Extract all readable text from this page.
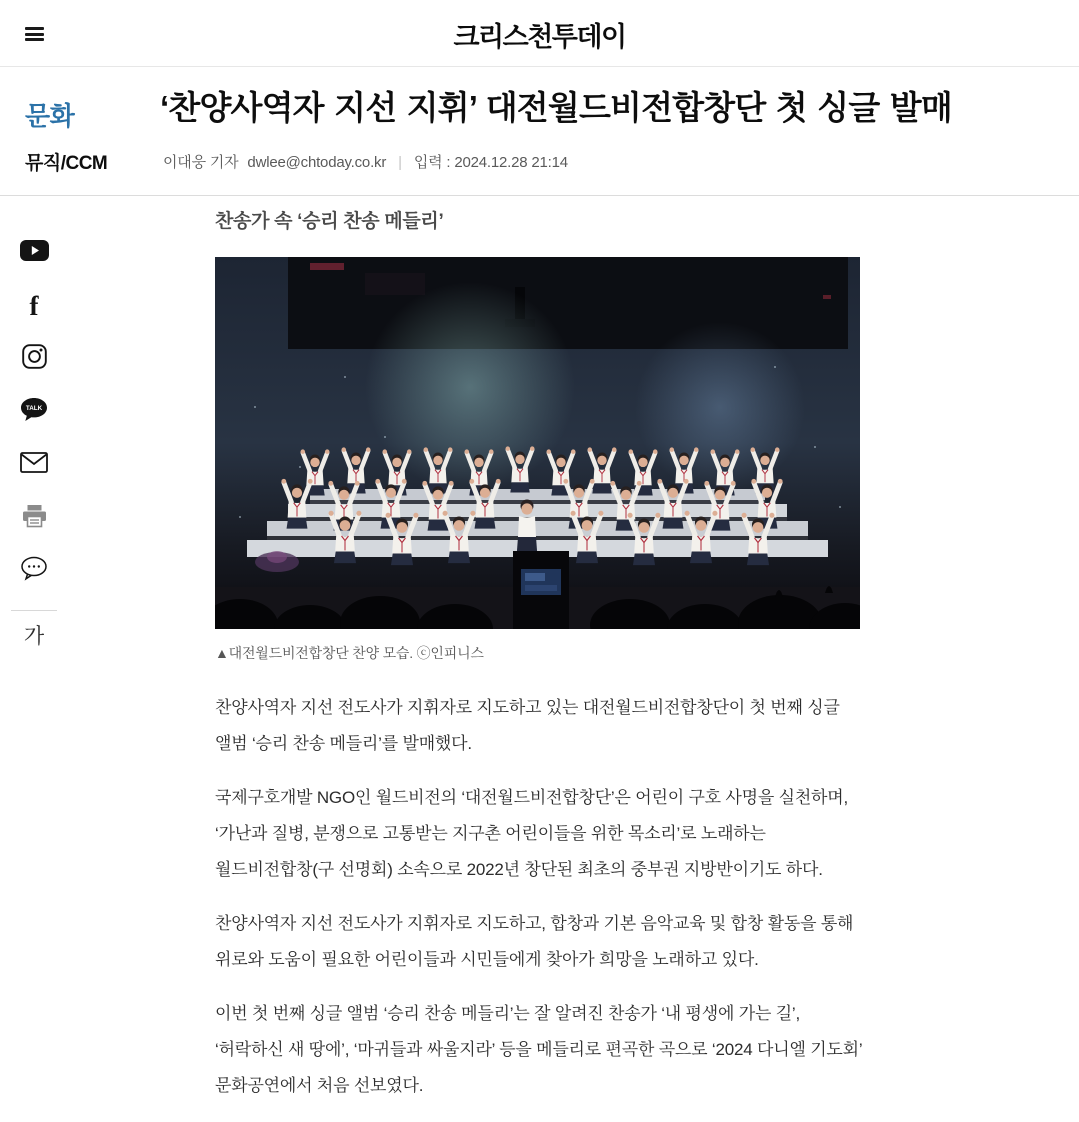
크리스천투데이
문화
뮤직/CCM
‘찬양사역자 지선 지휘’ 대전월드비전합창단 첫 싱글 발매
이대웅 기자 dwlee@chtoday.co.kr | 입력 : 2024.12.28 21:14
f
TALK
가
찬송가 속 ‘승리 찬송 메들리’
▲대전월드비전합창단 찬양 모습. ⓒ인피니스

찬양사역자 지선 전도사가 지휘자로 지도하고 있는 대전월드비전합창단이 첫 번째 싱글 앨범 ‘승리 찬송 메들리’를 발매했다.

국제구호개발 NGO인 월드비전의 ‘대전월드비전합창단’은 어린이 구호 사명을 실천하며, ‘가난과 질병, 분쟁으로 고통받는 지구촌 어린이들을 위한 목소리’로 노래하는 월드비전합창(구 선명회) 소속으로 2022년 창단된 최초의 중부권 지방반이기도 하다.

찬양사역자 지선 전도사가 지휘자로 지도하고, 합창과 기본 음악교육 및 합창 활동을 통해 위로와 도움이 필요한 어린이들과 시민들에게 찾아가 희망을 노래하고 있다.

이번 첫 번째 싱글 앨범 ‘승리 찬송 메들리’는 잘 알려진 찬송가 ‘내 평생에 가는 길’, ‘허락하신 새 땅에’, ‘마귀들과 싸울지라’ 등을 메들리로 편곡한 곡으로 ‘2024 다니엘 기도회’ 문화공연에서 처음 선보였다.
